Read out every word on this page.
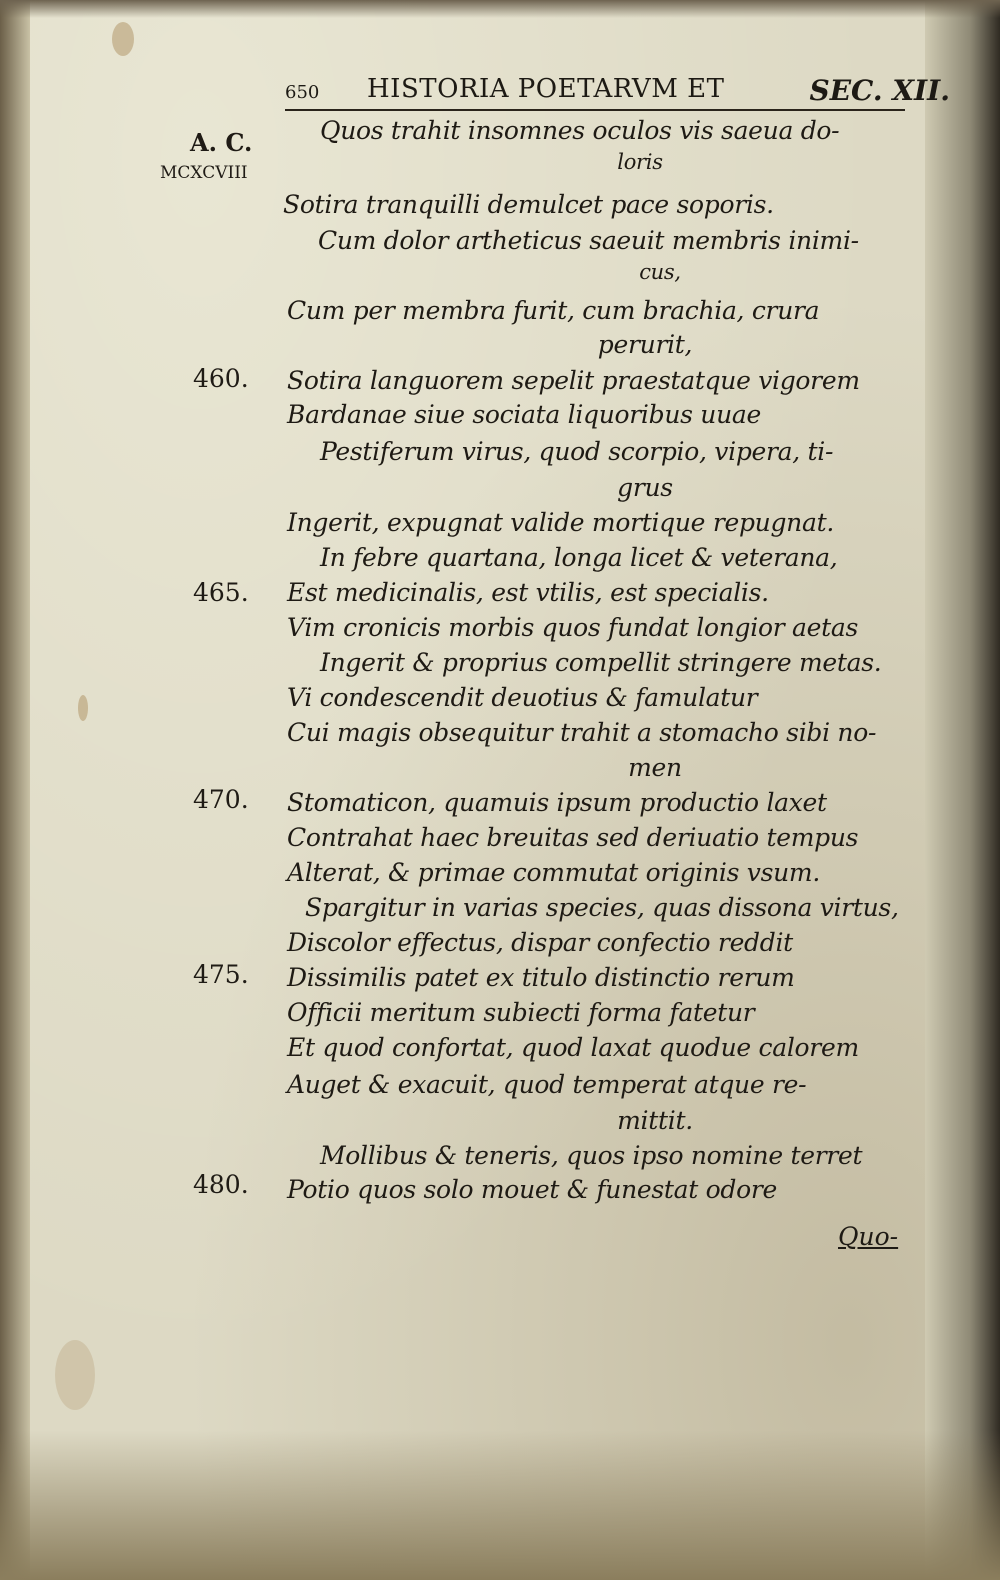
650 HISTORIA POETARVM ET	SEC. XII.
A. C.
MCXCVIII
460.
465.
470.
475.
480.
Quos trahit insomnes oculos vis saeua do-
loris
Sotira tranquilli demulcet pace soporis.
Cum dolor artheticus saeuit membris inimi-
cus,
Cum per membra furit, cum brachia, crura
perurit,
Sotira languorem sepelit praestatque vigorem
Bardanae siue sociata liquoribus uuae
Pestiferum virus, quod scorpio, vipera, ti-
grus
Ingerit, expugnat valide mortique repugnat.
In febre quartana, longa licet & veterana,
Est medicinalis, est vtilis, est specialis.
Vim cronicis morbis quos fundat longior aetas
Ingerit & proprius compellit stringere metas.
Vi condescendit deuotius & famulatur
Cui magis obsequitur trahit a stomacho sibi no-
men
Stomaticon, quamuis ipsum productio laxet
Contrahat haec breuitas sed deriuatio tempus
Alterat, & primae commutat originis vsum.
Spargitur in varias species, quas dissona virtus,
Discolor effectus, dispar confectio reddit
Dissimilis patet ex titulo distinctio rerum
Officii meritum subiecti forma fatetur
Et quod confortat, quod laxat quodue calorem
Auget & exacuit, quod temperat atque re-
mittit.
Mollibus & teneris, quos ipso nomine terret
Potio quos solo mouet & funestat odore
Quo-
